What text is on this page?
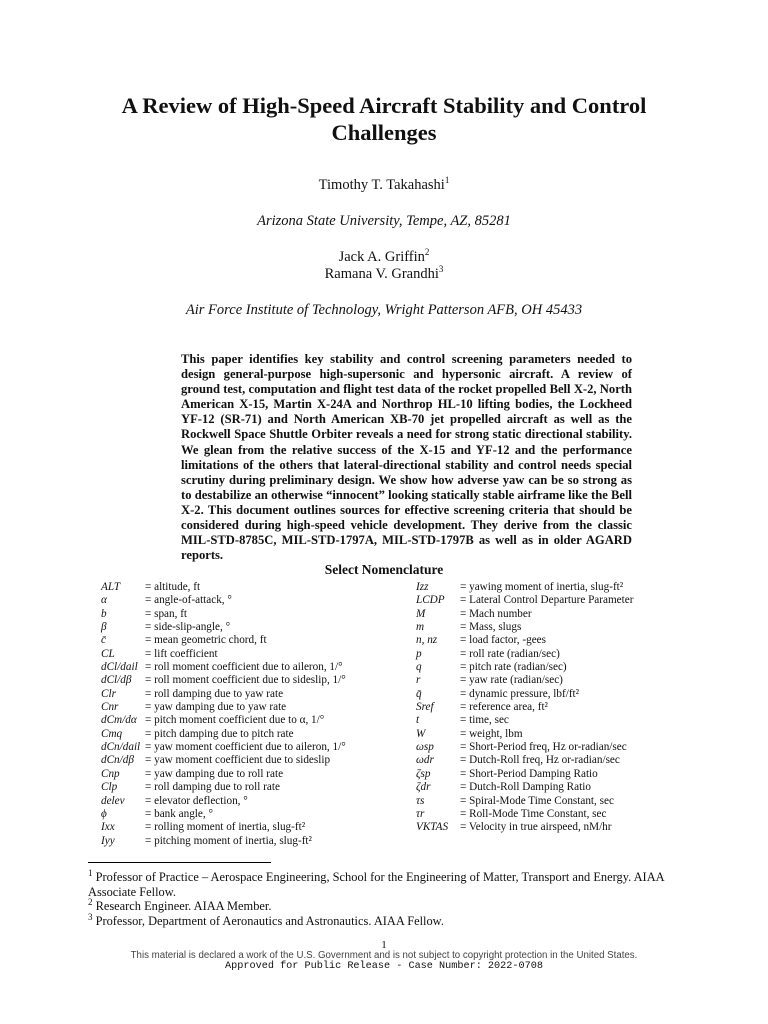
A Review of High-Speed Aircraft Stability and Control Challenges
Timothy T. Takahashi$^1$
Arizona State University, Tempe, AZ, 85281
Jack A. Griffin$^2$
Ramana V. Grandhi$^3$
Air Force Institute of Technology, Wright Patterson AFB, OH 45433

This paper identifies key stability and control screening parameters needed to design general-purpose high-supersonic and hypersonic aircraft. A review of ground test, computation and flight test data of the rocket propelled Bell X-2, North American X-15, Martin X-24A and Northrop HL-10 lifting bodies, the Lockheed YF-12 (SR-71) and North American XB-70 jet propelled aircraft as well as the Rockwell Space Shuttle Orbiter reveals a need for strong static directional stability. We glean from the relative success of the X-15 and YF-12 and the performance limitations of the others that lateral-directional stability and control needs special scrutiny during preliminary design. We show how adverse yaw can be so strong as to destabilize an otherwise “innocent” looking statically stable airframe like the Bell X-2. This document outlines sources for effective screening criteria that should be considered during high-speed vehicle development. They derive from the classic MIL-STD-8785C, MIL-STD-1797A, MIL-STD-1797B as well as in older AGARD reports.

Select Nomenclature
ALT	= altitude, ft
α	= angle-of-attack, °
b	= span, ft
β	= side-slip-angle, °
c̄	= mean geometric chord, ft
CL	= lift coefficient
dCl/dail = roll moment coefficient due to aileron, 1/°
dCl/dβ	= roll moment coefficient due to sideslip, 1/°
Clr	= roll damping due to yaw rate
Cnr	= yaw damping due to yaw rate
dCm/dα = pitch moment coefficient due to α, 1/°
Cmq	= pitch damping due to pitch rate
dCn/dail = yaw moment coefficient due to aileron, 1/°
dCn/dβ = yaw moment coefficient due to sideslip
Cnp	= yaw damping due to roll rate
Clp	= roll damping due to roll rate
delev	= elevator deflection, °
ϕ	= bank angle, °
Ixx	= rolling moment of inertia, slug-ft²
Iyy	= pitching moment of inertia, slug-ft²
Izz	= yawing moment of inertia, slug-ft²
LCDP	= Lateral Control Departure Parameter
M	= Mach number
m	= Mass, slugs
n, nz	= load factor, -gees
p	= roll rate (radian/sec)
q	= pitch rate (radian/sec)
r	= yaw rate (radian/sec)
q̄	= dynamic pressure, lbf/ft²
Sref	= reference area, ft²
t	= time, sec
W	= weight, lbm
ωsp	= Short-Period freq, Hz or-radian/sec
ωdr	= Dutch-Roll freq, Hz or-radian/sec
ζsp	= Short-Period Damping Ratio
ζdr	= Dutch-Roll Damping Ratio
τs	= Spiral-Mode Time Constant, sec
τr	= Roll-Mode Time Constant, sec
VKTAS	= Velocity in true airspeed, nM/hr
$^1$ Professor of Practice – Aerospace Engineering, School for the Engineering of Matter, Transport and Energy. AIAA Associate Fellow.
$^2$ Research Engineer. AIAA Member.
$^3$ Professor, Department of Aeronautics and Astronautics. AIAA Fellow.
1
This material is declared a work of the U.S. Government and is not subject to copyright protection in the United States.
Approved for Public Release - Case Number: 2022-0708
